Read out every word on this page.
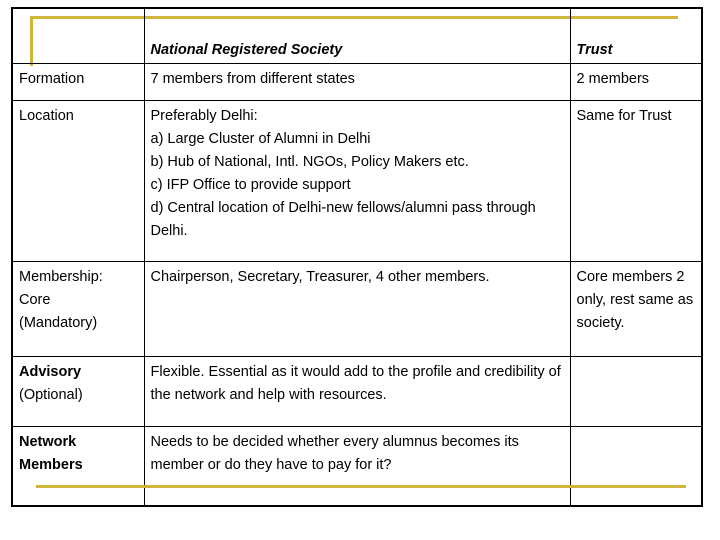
	National Registered Society	Trust
Formation	7 members from different states	2 members
Location	Preferably Delhi:
a) Large Cluster of Alumni in Delhi
b) Hub of National, Intl. NGOs, Policy Makers etc.
c) IFP Office to provide support
d) Central location of Delhi-new fellows/alumni pass through Delhi.	Same for Trust

Membership:
Core
(Mandatory)	Chairperson, Secretary, Treasurer, 4 other members.	Core members 2 only, rest same as society.

Advisory
(Optional)	Flexible. Essential as it would add to the profile and credibility of the network and help with resources.	

Network
Members	Needs to be decided whether every alumnus becomes its member or do they have to pay for it?	
